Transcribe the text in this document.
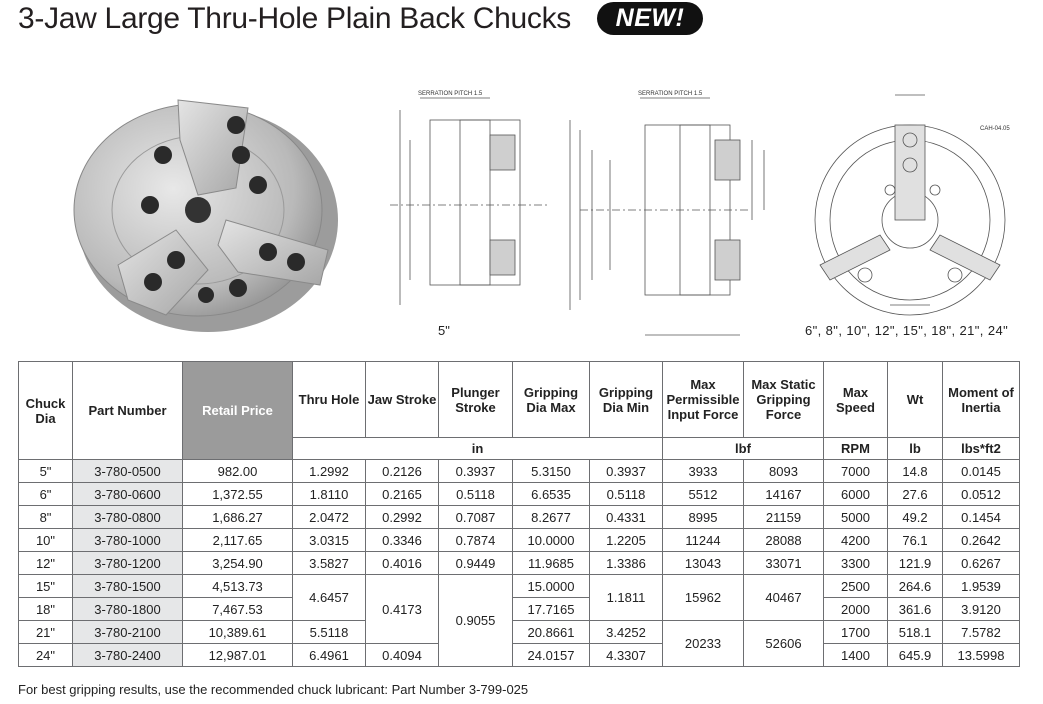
3-Jaw Large Thru-Hole Plain Back Chucks	NEW!
SERRATION PITCH 1.5	SERRATION PITCH 1.5
CAH-04.05
5"	6", 8", 10", 12", 15", 18", 21", 24"
Chuck Dia	Part Number	Retail Price	Thru Hole	Jaw Stroke	Plunger Stroke	Gripping Dia Max	Gripping Dia Min	Max Permissible Input Force	Max Static Gripping Force	Max Speed	Wt	Moment of Inertia
			in					lbf		RPM	lb	lbs*ft2
5"	3-780-0500	982.00	1.2992	0.2126	0.3937	5.3150	0.3937	3933	8093	7000	14.8	0.0145
6"	3-780-0600	1,372.55	1.8110	0.2165	0.5118	6.6535	0.5118	5512	14167	6000	27.6	0.0512
8"	3-780-0800	1,686.27	2.0472	0.2992	0.7087	8.2677	0.4331	8995	21159	5000	49.2	0.1454
10"	3-780-1000	2,117.65	3.0315	0.3346	0.7874	10.0000	1.2205	11244	28088	4200	76.1	0.2642
12"	3-780-1200	3,254.90	3.5827	0.4016	0.9449	11.9685	1.3386	13043	33071	3300	121.9	0.6267
15"	3-780-1500	4,513.73	4.6457	0.4173	0.9055	15.0000	1.1811	15962	40467	2500	264.6	1.9539
18"	3-780-1800	7,467.53				17.7165				2000	361.6	3.9120
21"	3-780-2100	10,389.61	5.5118			20.8661	3.4252	20233	52606	1700	518.1	7.5782
24"	3-780-2400	12,987.01	6.4961	0.4094		24.0157	4.3307			1400	645.9	13.5998
For best gripping results, use the recommended chuck lubricant: Part Number 3-799-025
